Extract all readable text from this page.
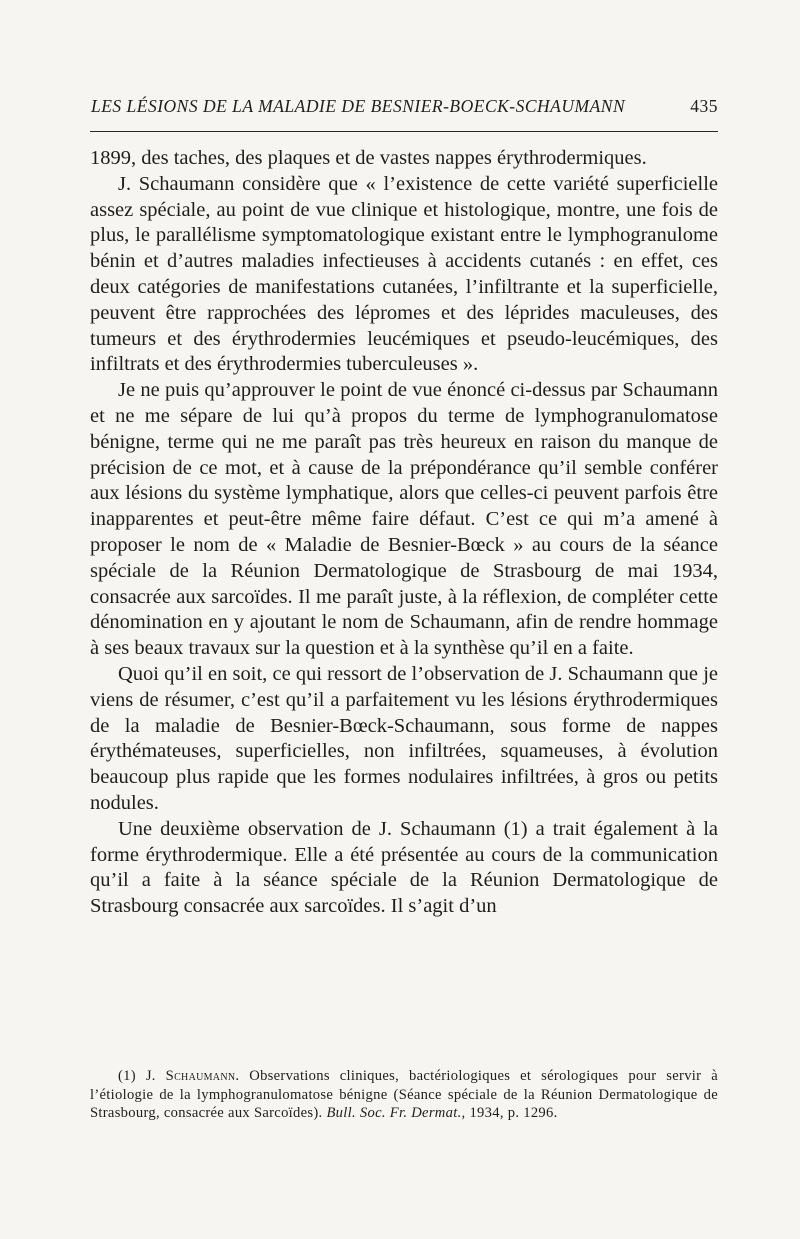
LES LÉSIONS DE LA MALADIE DE BESNIER-BOECK-SCHAUMANN	435

1899, des taches, des plaques et de vastes nappes érythrodermiques.

J. Schaumann considère que « l’existence de cette variété superficielle assez spéciale, au point de vue clinique et histologique, montre, une fois de plus, le parallélisme symptomatologique existant entre le lymphogranulome bénin et d’autres maladies infectieuses à accidents cutanés : en effet, ces deux catégories de manifestations cutanées, l’infiltrante et la superficielle, peuvent être rapprochées des lépromes et des léprides maculeuses, des tumeurs et des érythrodermies leucémiques et pseudo-leucémiques, des infiltrats et des érythrodermies tuberculeuses ».

Je ne puis qu’approuver le point de vue énoncé ci-dessus par Schaumann et ne me sépare de lui qu’à propos du terme de lymphogranulomatose bénigne, terme qui ne me paraît pas très heureux en raison du manque de précision de ce mot, et à cause de la prépondérance qu’il semble conférer aux lésions du système lymphatique, alors que celles-ci peuvent parfois être inapparentes et peut-être même faire défaut. C’est ce qui m’a amené à proposer le nom de « Maladie de Besnier-Bœck » au cours de la séance spéciale de la Réunion Dermatologique de Strasbourg de mai 1934, consacrée aux sarcoïdes. Il me paraît juste, à la réflexion, de compléter cette dénomination en y ajoutant le nom de Schaumann, afin de rendre hommage à ses beaux travaux sur la question et à la synthèse qu’il en a faite.

Quoi qu’il en soit, ce qui ressort de l’observation de J. Schaumann que je viens de résumer, c’est qu’il a parfaitement vu les lésions érythrodermiques de la maladie de Besnier-Bœck-Schaumann, sous forme de nappes érythémateuses, superficielles, non infiltrées, squameuses, à évolution beaucoup plus rapide que les formes nodulaires infiltrées, à gros ou petits nodules.

Une deuxième observation de J. Schaumann (1) a trait également à la forme érythrodermique. Elle a été présentée au cours de la communication qu’il a faite à la séance spéciale de la Réunion Dermatologique de Strasbourg consacrée aux sarcoïdes. Il s’agit d’un

(1) J. Schaumann. Observations cliniques, bactériologiques et sérologiques pour servir à l’étiologie de la lymphogranulomatose bénigne (Séance spéciale de la Réunion Dermatologique de Strasbourg, consacrée aux Sarcoïdes). Bull. Soc. Fr. Dermat., 1934, p. 1296.
